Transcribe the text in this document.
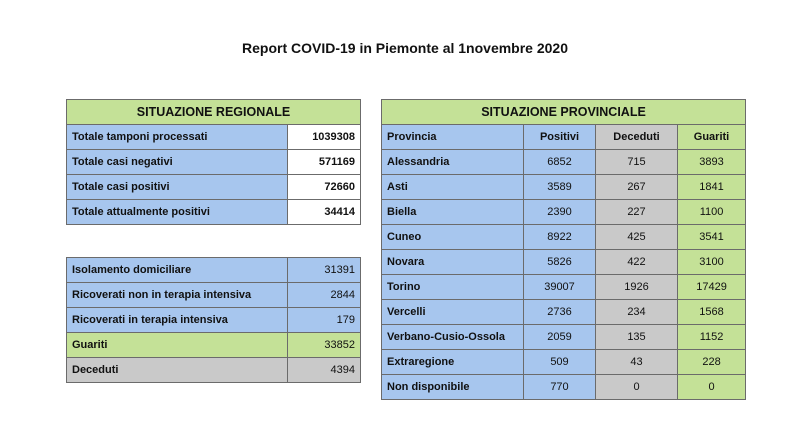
Report COVID-19 in Piemonte al 1novembre 2020
SITUAZIONE REGIONALE	
Totale tamponi processati	1039308
Totale casi negativi	571169
Totale casi positivi	72660
Totale attualmente positivi	34414
Isolamento domiciliare	31391
Ricoverati non in terapia intensiva	2844
Ricoverati in terapia intensiva	179
Guariti	33852
Deceduti	4394
SITUAZIONE PROVINCIALE			
Provincia	Positivi	Deceduti	Guariti
Alessandria	6852	715	3893
Asti	3589	267	1841
Biella	2390	227	1100
Cuneo	8922	425	3541
Novara	5826	422	3100
Torino	39007	1926	17429
Vercelli	2736	234	1568
Verbano-Cusio-Ossola	2059	135	1152
Extraregione	509	43	228
Non disponibile	770	0	0
